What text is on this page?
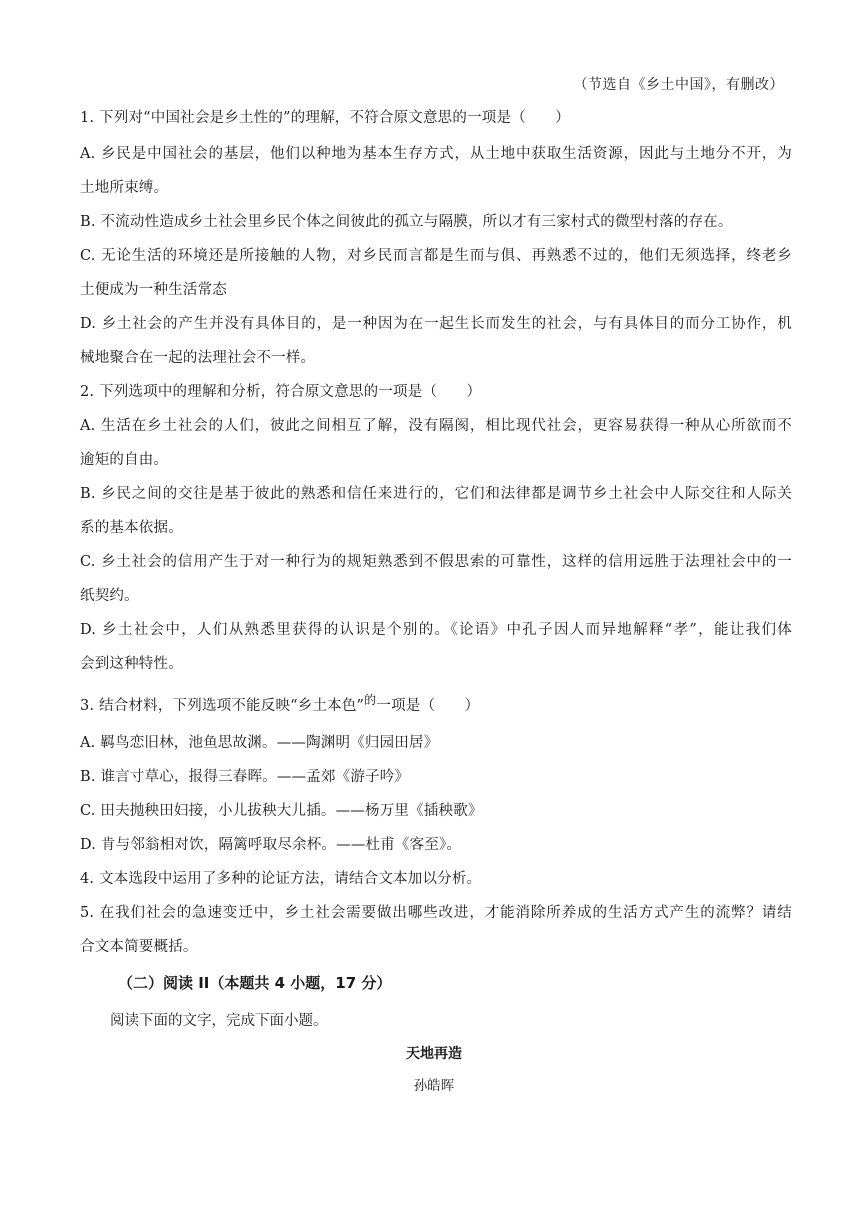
（节选自《乡土中国》，有删改）
1. 下列对“中国社会是乡土性的”的理解，不符合原文意思的一项是（　　）
A. 乡民是中国社会的基层，他们以种地为基本生存方式，从土地中获取生活资源，因此与土地分不开，为
土地所束缚。
B. 不流动性造成乡土社会里乡民个体之间彼此的孤立与隔膜，所以才有三家村式的微型村落的存在。
C. 无论生活的环境还是所接触的人物，对乡民而言都是生而与俱、再熟悉不过的，他们无须选择，终老乡
土便成为一种生活常态
D. 乡土社会的产生并没有具体目的，是一种因为在一起生长而发生的社会，与有具体目的而分工协作，机
械地聚合在一起的法理社会不一样。
2. 下列选项中的理解和分析，符合原文意思的一项是（　　）
A. 生活在乡土社会的人们，彼此之间相互了解，没有隔阂，相比现代社会，更容易获得一种从心所欲而不
逾矩的自由。
B. 乡民之间的交往是基于彼此的熟悉和信任来进行的，它们和法律都是调节乡土社会中人际交往和人际关
系的基本依据。
C. 乡土社会的信用产生于对一种行为的规矩熟悉到不假思索的可靠性，这样的信用远胜于法理社会中的一
纸契约。
D. 乡土社会中，人们从熟悉里获得的认识是个别的。《论语》中孔子因人而异地解释“孝”，能让我们体
会到这种特性。
3. 结合材料，下列选项不能反映“乡土本色”$^的$一项是（　　）
A. 羁鸟恋旧林，池鱼思故渊。——陶渊明《归园田居》
B. 谁言寸草心，报得三春晖。——孟郊《游子吟》
C. 田夫抛秧田妇接，小儿拔秧大儿插。——杨万里《插秧歌》
D. 肯与邻翁相对饮，隔篱呼取尽余杯。——杜甫《客至》。
4. 文本选段中运用了多种的论证方法，请结合文本加以分析。
5. 在我们社会的急速变迁中，乡土社会需要做出哪些改进，才能消除所养成的生活方式产生的流弊？请结
合文本简要概括。
（二）阅读 II（本题共 4 小题，17 分）
阅读下面的文字，完成下面小题。
天地再造
孙皓晖
